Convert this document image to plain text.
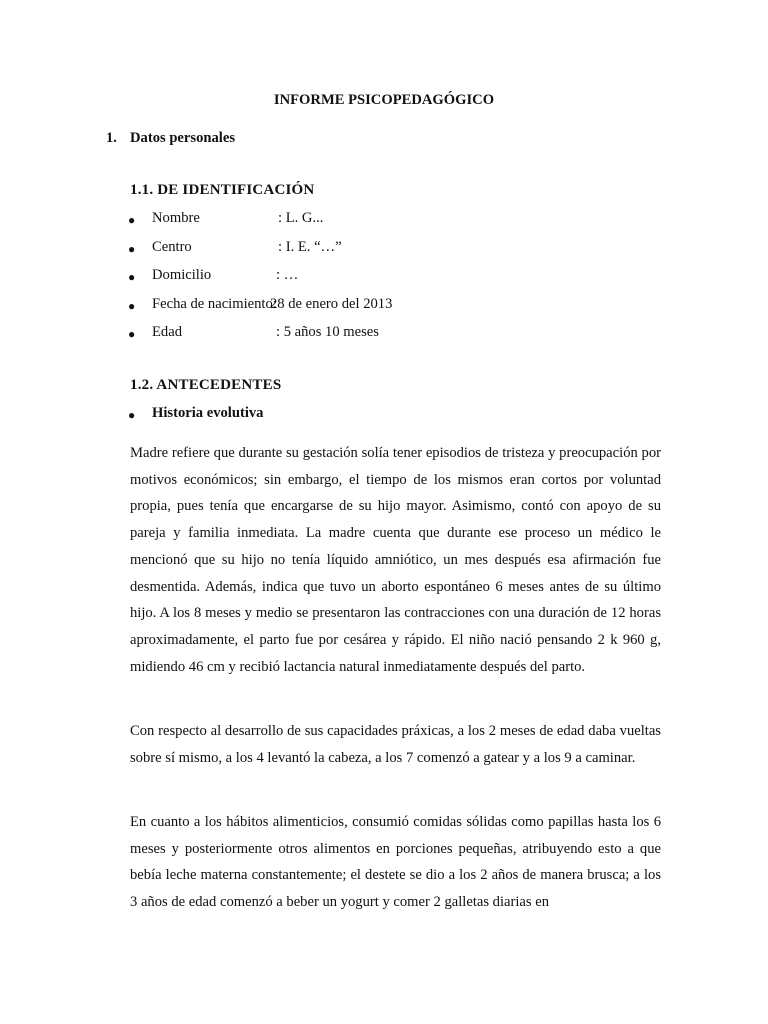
INFORME PSICOPEDAGÓGICO
1. Datos personales
1.1. DE IDENTIFICACIÓN
● Nombre	: L. G...
● Centro	: I. E. “…”
● Domicilio	: …
● Fecha de nacimiento:
28 de enero del 2013
● Edad	: 5 años 10 meses
1.2. ANTECEDENTES
● Historia evolutiva

Madre refiere que durante su gestación solía tener episodios de tristeza y preocupación por motivos económicos; sin embargo, el tiempo de los mismos eran cortos por voluntad propia, pues tenía que encargarse de su hijo mayor. Asimismo, contó con apoyo de su pareja y familia inmediata. La madre cuenta que durante ese proceso un médico le mencionó que su hijo no tenía líquido amniótico, un mes después esa afirmación fue desmentida. Además, indica que tuvo un aborto espontáneo 6 meses antes de su último hijo. A los 8 meses y medio se presentaron las contracciones con una duración de 12 horas aproximadamente, el parto fue por cesárea y rápido. El niño nació pensando 2 k 960 g, midiendo 46 cm y recibió lactancia natural inmediatamente después del parto.

Con respecto al desarrollo de sus capacidades práxicas, a los 2 meses de edad daba vueltas sobre sí mismo, a los 4 levantó la cabeza, a los 7 comenzó a gatear y a los 9 a caminar.

En cuanto a los hábitos alimenticios, consumió comidas sólidas como papillas hasta los 6 meses y posteriormente otros alimentos en porciones pequeñas, atribuyendo esto a que bebía leche materna constantemente; el destete se dio a los 2 años de manera brusca; a los 3 años de edad comenzó a beber un yogurt y comer 2 galletas diarias en
